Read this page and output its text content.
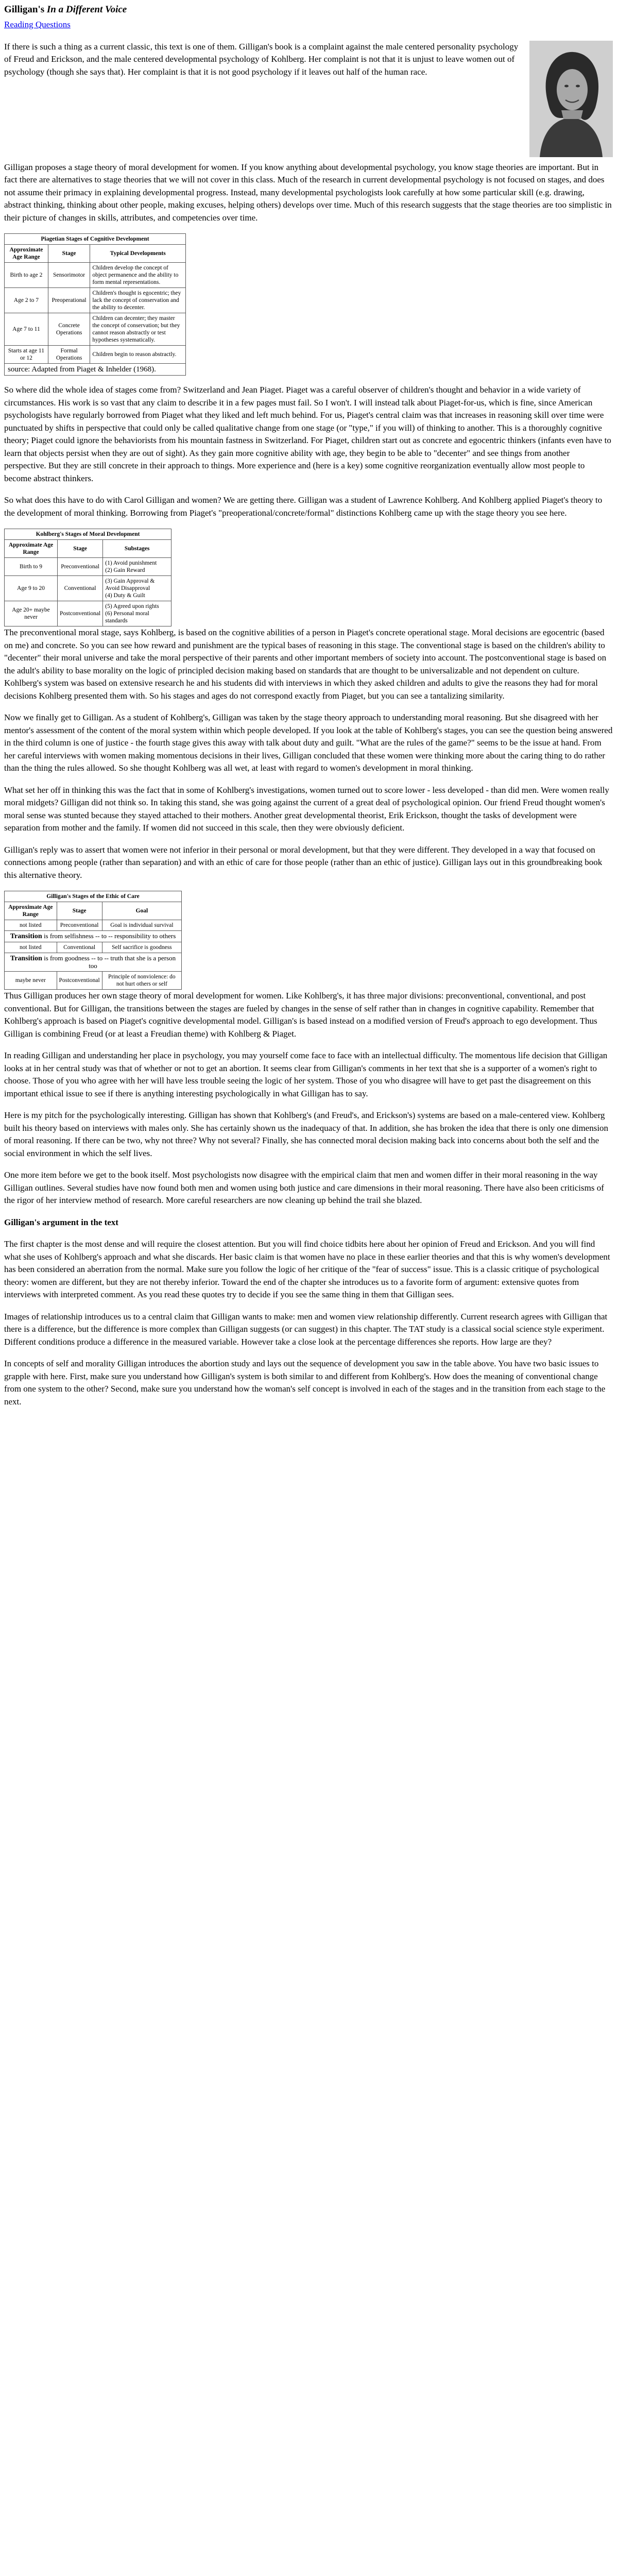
Gilligan's In a Different Voice
Reading Questions

If there is such a thing as a current classic, this text is one of them. Gilligan's book is a complaint against the male centered personality psychology of Freud and Erickson, and the male centered developmental psychology of Kohlberg. Her complaint is not that it is unjust to leave women out of psychology (though she says that). Her complaint is that it is not good psychology if it leaves out half of the human race.

Gilligan proposes a stage theory of moral development for women. If you know anything about developmental psychology, you know stage theories are important. But in fact there are alternatives to stage theories that we will not cover in this class. Much of the research in current developmental psychology is not focused on stages, and does not assume their primacy in explaining developmental progress. Instead, many developmental psychologists look carefully at how some particular skill (e.g. drawing, abstract thinking, thinking about other people, making excuses, helping others) develops over time. Much of this research suggests that the stage theories are too simplistic in their picture of changes in skills, attributes, and competencies over time.

Piagetian Stages of Cognitive Development
Approximate Age Range	Stage	Typical Developments
Birth to age 2	Sensorimotor	Children develop the concept of object permanence and the ability to form mental representations.
Age 2 to 7	Preoperational	Children's thought is egocentric; they lack the concept of conservation and the ability to decenter.
Age 7 to 11	Concrete Operations	Children can decenter; they master the concept of conservation; but they cannot reason abstractly or test hypotheses systematically.
Starts at age 11 or 12	Formal Operations	Children begin to reason abstractly.
source: Adapted from Piaget & Inhelder (1968).

So where did the whole idea of stages come from? Switzerland and Jean Piaget. Piaget was a careful observer of children's thought and behavior in a wide variety of circumstances. His work is so vast that any claim to describe it in a few pages must fail. So I won't. I will instead talk about Piaget-for-us, which is fine, since American psychologists have regularly borrowed from Piaget what they liked and left much behind. For us, Piaget's central claim was that increases in reasoning skill over time were punctuated by shifts in perspective that could only be called qualitative change from one stage (or "type," if you will) of thinking to another. This is a thoroughly cognitive theory; Piaget could ignore the behaviorists from his mountain fastness in Switzerland. For Piaget, children start out as concrete and egocentric thinkers (infants even have to learn that objects persist when they are out of sight). As they gain more cognitive ability with age, they begin to be able to "decenter" and see things from another perspective. But they are still concrete in their approach to things. More experience and (here is a key) some cognitive reorganization eventually allow most people to become abstract thinkers.

So what does this have to do with Carol Gilligan and women? We are getting there. Gilligan was a student of Lawrence Kohlberg. And Kohlberg applied Piaget's theory to the development of moral thinking. Borrowing from Piaget's "preoperational/concrete/formal" distinctions Kohlberg came up with the stage theory you see here.

Kohlberg's Stages of Moral Development
Approximate Age Range	Stage	Substages
Birth to 9	Preconventional	(1) Avoid punishment
(2) Gain Reward
Age 9 to 20	Conventional	(3) Gain Approval & Avoid Disapproval
(4) Duty & Guilt
Age 20+ maybe never	Postconventional	(5) Agreed upon rights
(6) Personal moral standards

The preconventional moral stage, says Kohlberg, is based on the cognitive abilities of a person in Piaget's concrete operational stage. Moral decisions are egocentric (based on me) and concrete. So you can see how reward and punishment are the typical bases of reasoning in this stage. The conventional stage is based on the children's ability to "decenter" their moral universe and take the moral perspective of their parents and other important members of society into account. The postconventional stage is based on the adult's ability to base morality on the logic of principled decision making based on standards that are thought to be universalizable and not dependent on culture. Kohlberg's system was based on extensive research he and his students did with interviews in which they asked children and adults to give the reasons they had for moral decisions Kohlberg presented them with. So his stages and ages do not correspond exactly from Piaget, but you can see a tantalizing similarity.

Now we finally get to Gilligan. As a student of Kohlberg's, Gilligan was taken by the stage theory approach to understanding moral reasoning. But she disagreed with her mentor's assessment of the content of the moral system within which people developed. If you look at the table of Kohlberg's stages, you can see the question being answered in the third column is one of justice - the fourth stage gives this away with talk about duty and guilt. "What are the rules of the game?" seems to be the issue at hand. From her careful interviews with women making momentous decisions in their lives, Gilligan concluded that these women were thinking more about the caring thing to do rather than the thing the rules allowed. So she thought Kohlberg was all wet, at least with regard to women's development in moral thinking.

What set her off in thinking this was the fact that in some of Kohlberg's investigations, women turned out to score lower - less developed - than did men. Were women really moral midgets? Gilligan did not think so. In taking this stand, she was going against the current of a great deal of psychological opinion. Our friend Freud thought women's moral sense was stunted because they stayed attached to their mothers. Another great developmental theorist, Erik Erickson, thought the tasks of development were separation from mother and the family. If women did not succeed in this scale, then they were obviously deficient.

Gilligan's reply was to assert that women were not inferior in their personal or moral development, but that they were different. They developed in a way that focused on connections among people (rather than separation) and with an ethic of care for those people (rather than an ethic of justice). Gilligan lays out in this groundbreaking book this alternative theory.

Gilligan's Stages of the Ethic of Care
Approximate Age Range	Stage	Goal
not listed	Preconventional	Goal is individual survival
Transition is from selfishness -- to -- responsibility to others		
not listed	Conventional	Self sacrifice is goodness
Transition is from goodness -- to -- truth that she is a person too		
maybe never	Postconventional	Principle of nonviolence: do not hurt others or self

Thus Gilligan produces her own stage theory of moral development for women. Like Kohlberg's, it has three major divisions: preconventional, conventional, and post conventional. But for Gilligan, the transitions between the stages are fueled by changes in the sense of self rather than in changes in cognitive capability. Remember that Kohlberg's approach is based on Piaget's cognitive developmental model. Gilligan's is based instead on a modified version of Freud's approach to ego development. Thus Gilligan is combining Freud (or at least a Freudian theme) with Kohlberg & Piaget.

In reading Gilligan and understanding her place in psychology, you may yourself come face to face with an intellectual difficulty. The momentous life decision that Gilligan looks at in her central study was that of whether or not to get an abortion. It seems clear from Gilligan's comments in her text that she is a supporter of a women's right to choose. Those of you who agree with her will have less trouble seeing the logic of her system. Those of you who disagree will have to get past the disagreement on this important ethical issue to see if there is anything interesting psychologically in what Gilligan has to say.

Here is my pitch for the psychologically interesting. Gilligan has shown that Kohlberg's (and Freud's, and Erickson's) systems are based on a male-centered view. Kohlberg built his theory based on interviews with males only. She has certainly shown us the inadequacy of that. In addition, she has broken the idea that there is only one dimension of moral reasoning. If there can be two, why not three? Why not several? Finally, she has connected moral decision making back into concerns about both the self and the social environment in which the self lives.

One more item before we get to the book itself. Most psychologists now disagree with the empirical claim that men and women differ in their moral reasoning in the way Gilligan outlines. Several studies have now found both men and women using both justice and care dimensions in their moral reasoning. There have also been criticisms of the rigor of her interview method of research. More careful researchers are now cleaning up behind the trail she blazed.

Gilligan's argument in the text

The first chapter is the most dense and will require the closest attention. But you will find choice tidbits here about her opinion of Freud and Erickson. And you will find what she uses of Kohlberg's approach and what she discards. Her basic claim is that women have no place in these earlier theories and that this is why women's development has been considered an aberration from the normal. Make sure you follow the logic of her critique of the "fear of success" issue. This is a classic critique of psychological theory: women are different, but they are not thereby inferior. Toward the end of the chapter she introduces us to a favorite form of argument: extensive quotes from interviews with interpreted comment. As you read these quotes try to decide if you see the same thing in them that Gilligan sees.

Images of relationship introduces us to a central claim that Gilligan wants to make: men and women view relationship differently. Current research agrees with Gilligan that there is a difference, but the difference is more complex than Gilligan suggests (or can suggest) in this chapter. The TAT study is a classical social science style experiment. Different conditions produce a difference in the measured variable. However take a close look at the percentage differences she reports. How large are they?

In concepts of self and morality Gilligan introduces the abortion study and lays out the sequence of development you saw in the table above. You have two basic issues to grapple with here. First, make sure you understand how Gilligan's system is both similar to and different from Kohlberg's. How does the meaning of conventional change from one system to the other? Second, make sure you understand how the woman's self concept is involved in each of the stages and in the transition from each stage to the next.
